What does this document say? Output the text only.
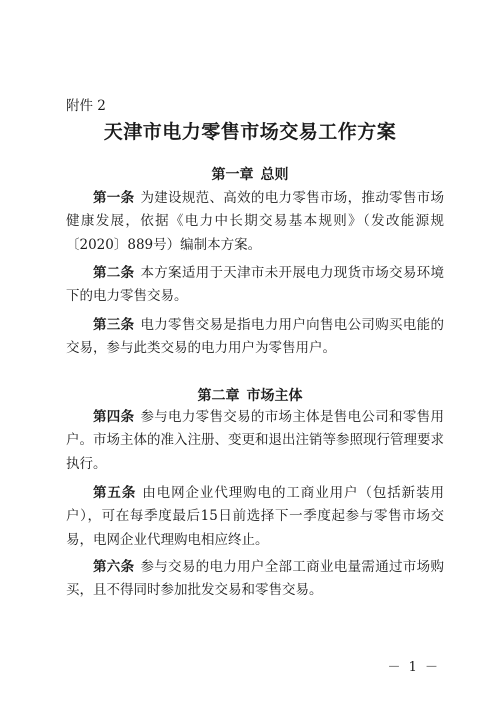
附件 2
天津市电力零售市场交易工作方案
第一章 总则

第一条 为建设规范、高效的电力零售市场，推动零售市场健康发展，依据《电力中长期交易基本规则》（发改能源规〔2020〕889号）编制本方案。

第二条 本方案适用于天津市未开展电力现货市场交易环境下的电力零售交易。

第三条 电力零售交易是指电力用户向售电公司购买电能的交易，参与此类交易的电力用户为零售用户。

第二章 市场主体

第四条 参与电力零售交易的市场主体是售电公司和零售用户。市场主体的准入注册、变更和退出注销等参照现行管理要求执行。

第五条 由电网企业代理购电的工商业用户（包括新装用户），可在每季度最后15日前选择下一季度起参与零售市场交易，电网企业代理购电相应终止。

第六条 参与交易的电力用户全部工商业电量需通过市场购买，且不得同时参加批发交易和零售交易。

－ 1 －
